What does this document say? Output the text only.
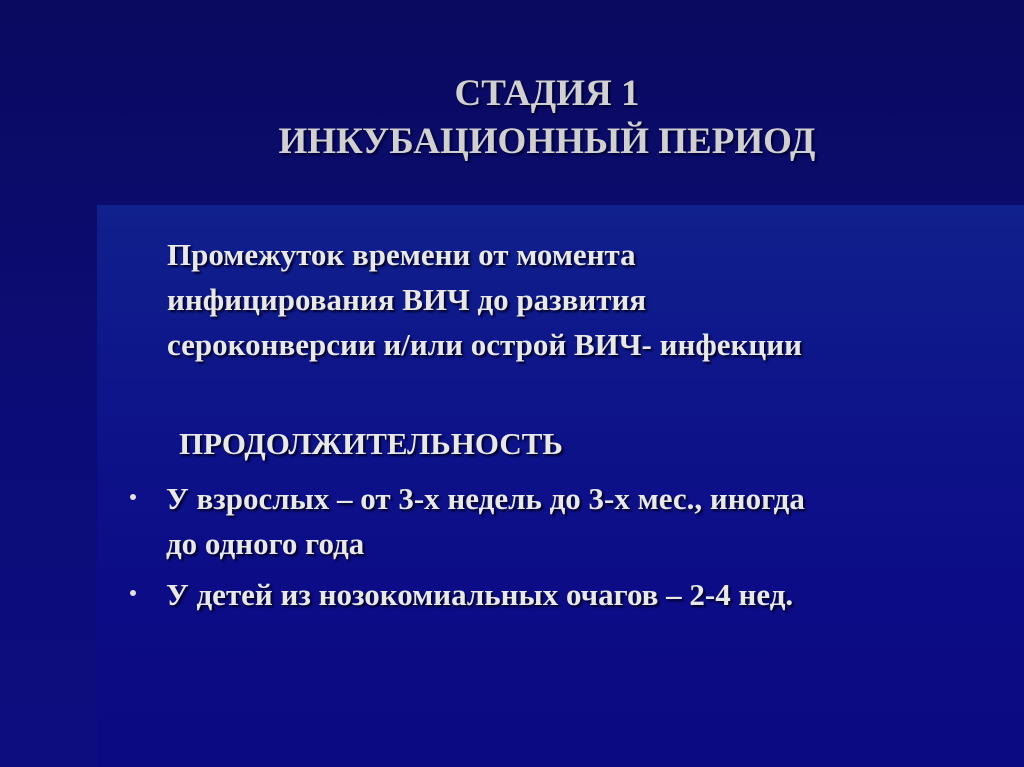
СТАДИЯ 1
ИНКУБАЦИОННЫЙ ПЕРИОД
Промежуток времени от момента
инфицирования ВИЧ до развития
сероконверсии и/или острой ВИЧ- инфекции
ПРОДОЛЖИТЕЛЬНОСТЬ
У взрослых – от 3-х недель до 3-х мес., иногда
до одного года
У детей из нозокомиальных очагов – 2-4 нед.
